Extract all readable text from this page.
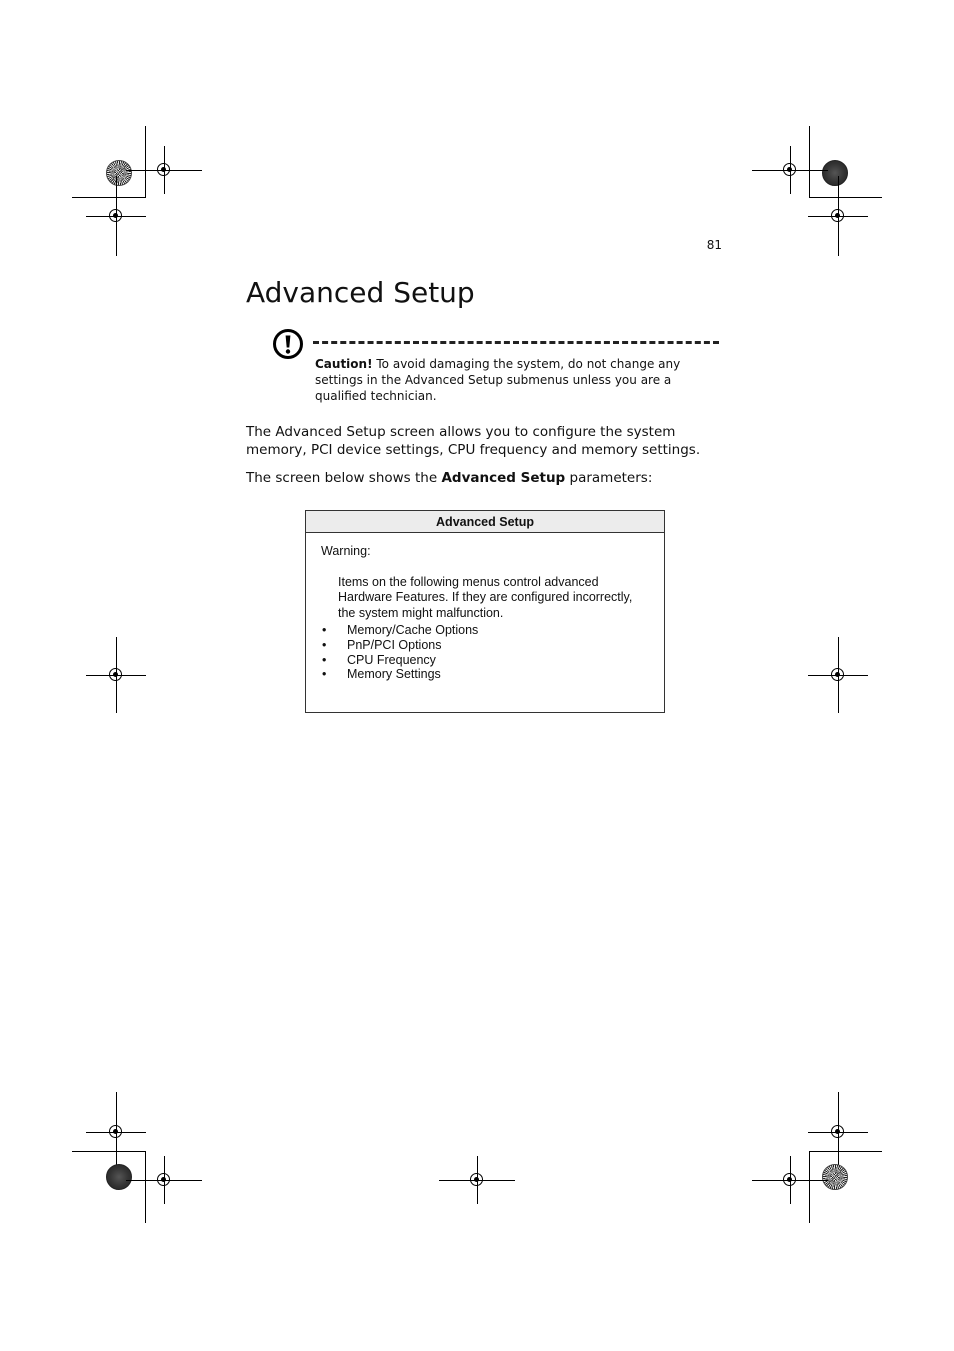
81
Advanced Setup
Caution! To avoid damaging the system, do not change any settings in the Advanced Setup submenus unless you are a qualified technician.
The Advanced Setup screen allows you to configure the system memory, PCI device settings, CPU frequency and memory settings.
The screen below shows the Advanced Setup parameters:
Advanced Setup
Warning:
Items on the following menus control advanced
Hardware Features. If they are configured incorrectly,
the system might malfunction.
• Memory/Cache Options
• PnP/PCI Options
• CPU Frequency
• Memory Settings
